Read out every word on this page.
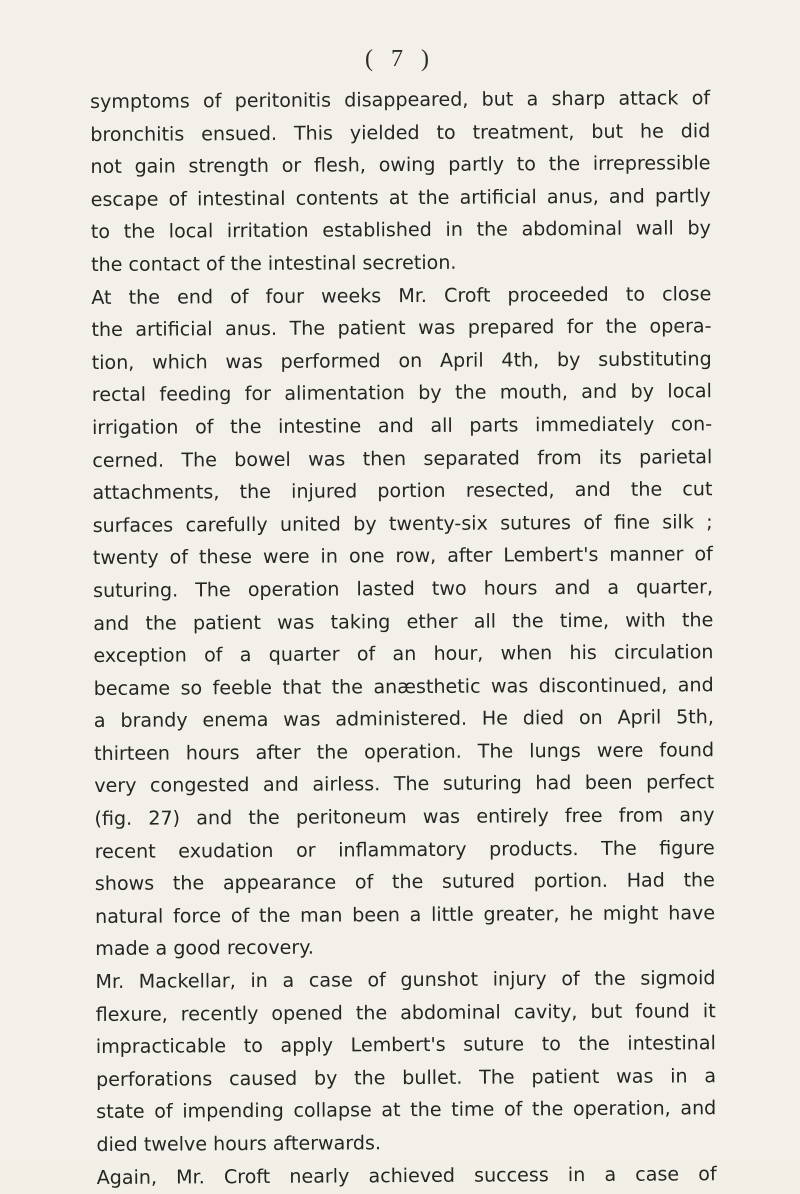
( 7 )
symptoms of peritonitis disappeared, but a sharp attack of
bronchitis ensued. This yielded to treatment, but he did
not gain strength or flesh, owing partly to the irrepressible
escape of intestinal contents at the artificial anus, and partly
to the local irritation established in the abdominal wall by
the contact of the intestinal secretion.
At the end of four weeks Mr. Croft proceeded to close
the artificial anus. The patient was prepared for the opera-
tion, which was performed on April 4th, by substituting
rectal feeding for alimentation by the mouth, and by local
irrigation of the intestine and all parts immediately con-
cerned. The bowel was then separated from its parietal
attachments, the injured portion resected, and the cut
surfaces carefully united by twenty-six sutures of fine silk ;
twenty of these were in one row, after Lembert's manner of
suturing. The operation lasted two hours and a quarter,
and the patient was taking ether all the time, with the
exception of a quarter of an hour, when his circulation
became so feeble that the anæsthetic was discontinued, and
a brandy enema was administered. He died on April 5th,
thirteen hours after the operation. The lungs were found
very congested and airless. The suturing had been perfect
(fig. 27) and the peritoneum was entirely free from any
recent exudation or inflammatory products. The figure
shows the appearance of the sutured portion. Had the
natural force of the man been a little greater, he might have
made a good recovery.
Mr. Mackellar, in a case of gunshot injury of the sigmoid
flexure, recently opened the abdominal cavity, but found it
impracticable to apply Lembert's suture to the intestinal
perforations caused by the bullet. The patient was in a
state of impending collapse at the time of the operation, and
died twelve hours afterwards.
Again, Mr. Croft nearly achieved success in a case of
